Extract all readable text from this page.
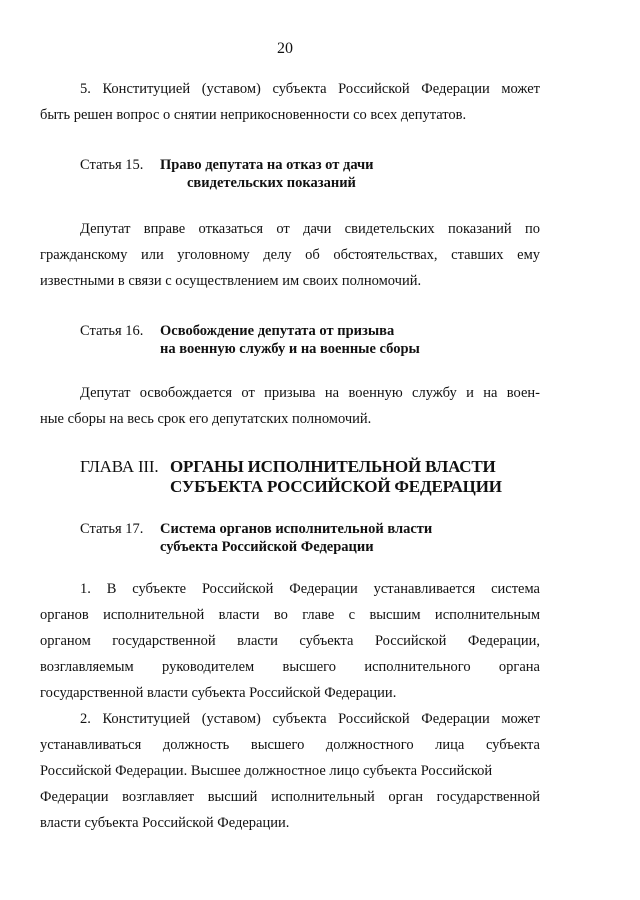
20
5. Конституцией (уставом) субъекта Российской Федерации может
быть решен вопрос о снятии неприкосновенности со всех депутатов.
Статья 15. Право депутата на отказ от дачи
свидетельских показаний
Депутат вправе отказаться от дачи свидетельских показаний по
гражданскому или уголовному делу об обстоятельствах, ставших ему
известными в связи с осуществлением им своих полномочий.
Статья 16. Освобождение депутата от призыва
на военную службу и на военные сборы
Депутат освобождается от призыва на военную службу и на воен-
ные сборы на весь срок его депутатских полномочий.
ГЛАВА III. ОРГАНЫ ИСПОЛНИТЕЛЬНОЙ ВЛАСТИ
СУБЪЕКТА РОССИЙСКОЙ ФЕДЕРАЦИИ
Статья 17. Система органов исполнительной власти
субъекта Российской Федерации
1. В субъекте Российской Федерации устанавливается система
органов исполнительной власти во главе с высшим исполнительным
органом государственной власти субъекта Российской Федерации,
возглавляемым руководителем высшего исполнительного органа
государственной власти субъекта Российской Федерации.
2. Конституцией (уставом) субъекта Российской Федерации может
устанавливаться должность высшего должностного лица субъекта
Российской Федерации. Высшее должностное лицо субъекта Российской
Федерации возглавляет высший исполнительный орган государственной
власти субъекта Российской Федерации.
